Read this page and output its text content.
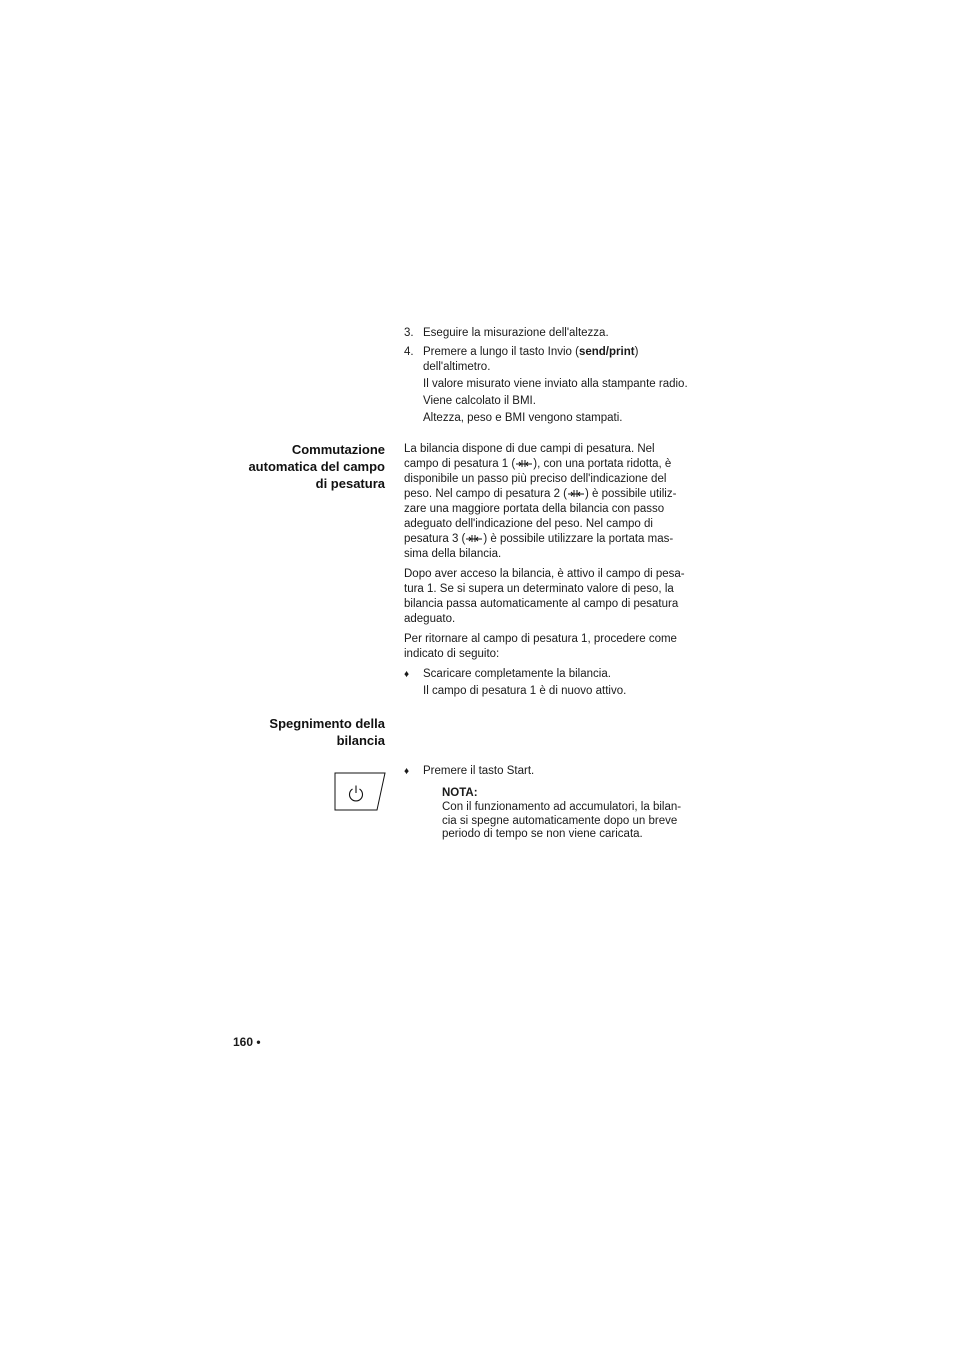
3. Eseguire la misurazione dell'altezza.

4. Premere a lungo il tasto Invio (send/print)

dell'altimetro.

Il valore misurato viene inviato alla stampante radio.

Viene calcolato il BMI.

Altezza, peso e BMI vengono stampati.

Commutazione
automatica del campo
di pesatura

La bilancia dispone di due campi di pesatura. Nel

campo di pesatura 1 ( ), con una portata ridotta, è

disponibile un passo più preciso dell'indicazione del

peso. Nel campo di pesatura 2 ( ) è possibile utiliz-

zare una maggiore portata della bilancia con passo

adeguato dell'indicazione del peso. Nel campo di

pesatura 3 ( ) è possibile utilizzare la portata mas-

sima della bilancia.

Dopo aver acceso la bilancia, è attivo il campo di pesa-

tura 1. Se si supera un determinato valore di peso, la

bilancia passa automaticamente al campo di pesatura

adeguato.

Per ritornare al campo di pesatura 1, procedere come

indicato di seguito:

♦	Scaricare completamente la bilancia.

Il campo di pesatura 1 è di nuovo attivo.

Spegnimento della
bilancia
♦	Premere il tasto Start.

NOTA:

Con il funzionamento ad accumulatori, la bilan-

cia si spegne automaticamente dopo un breve

periodo di tempo se non viene caricata.

160 •
